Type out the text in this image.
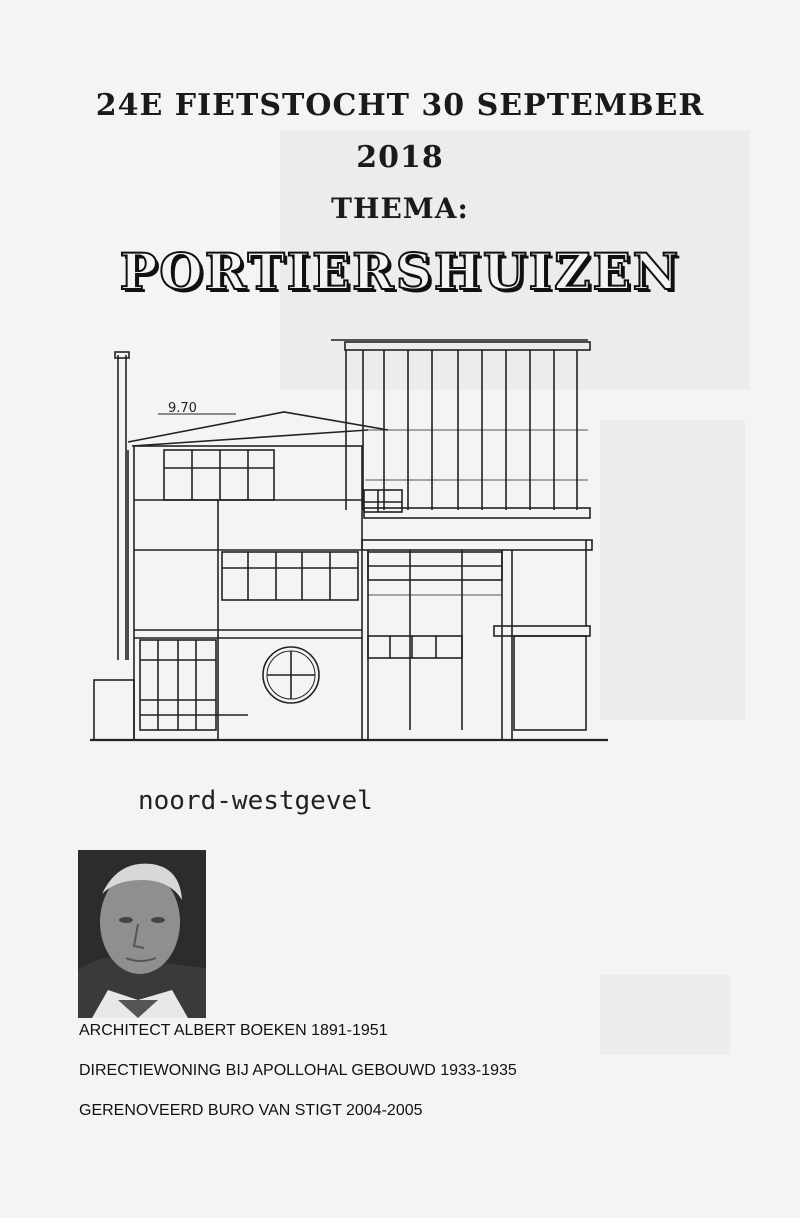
24E FIETSTOCHT 30 SEPTEMBER
2018
THEMA:
PORTIERSHUIZEN
9.70
noord-westgevel
ARCHITECT ALBERT BOEKEN 1891-1951
DIRECTIEWONING BIJ APOLLOHAL GEBOUWD 1933-1935
GERENOVEERD BURO VAN STIGT 2004-2005
